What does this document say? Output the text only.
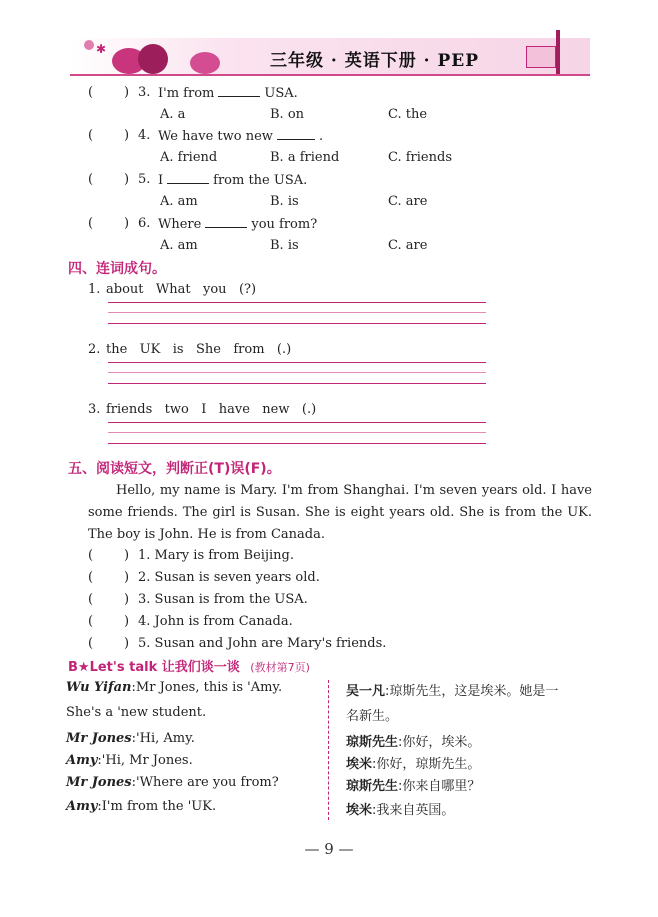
✱
三年级 · 英语下册 · PEP
( ) 3. I'm from	USA.
A. a	B. on	C. the
( ) 4. We have two new	.
A. friend	B. a friend	C. friends
( ) 5. I	from the USA.
A. am	B. is	C. are
( ) 6. Where	you from?
A. am	B. is	C. are
四、连词成句。
1. about   What   you   (?)
2. the   UK   is   She   from   (.)
3. friends   two   I   have   new   (.)
五、阅读短文，判断正(T)误(F)。
Hello, my name is Mary. I'm from Shanghai. I'm seven years old. I have some friends. The girl is Susan. She is eight years old. She is from the UK. The boy is John. He is from Canada.
( ) 1. Mary is from Beijing.
( ) 2. Susan is seven years old.
( ) 3. Susan is from the USA.
( ) 4. John is from Canada.
( ) 5. Susan and John are Mary's friends.
B★Let's talk 让我们谈一谈 (教材第7页)
Wu Yifan:Mr Jones, this is 'Amy.
She's a 'new student.
Mr Jones:'Hi, Amy.
Amy:'Hi, Mr Jones.
Mr Jones:'Where are you from?
Amy:I'm from the 'UK.
吴一凡:琼斯先生，这是埃米。她是一
名新生。
琼斯先生:你好，埃米。
埃米:你好，琼斯先生。
琼斯先生:你来自哪里？
埃米:我来自英国。
— 9 —
